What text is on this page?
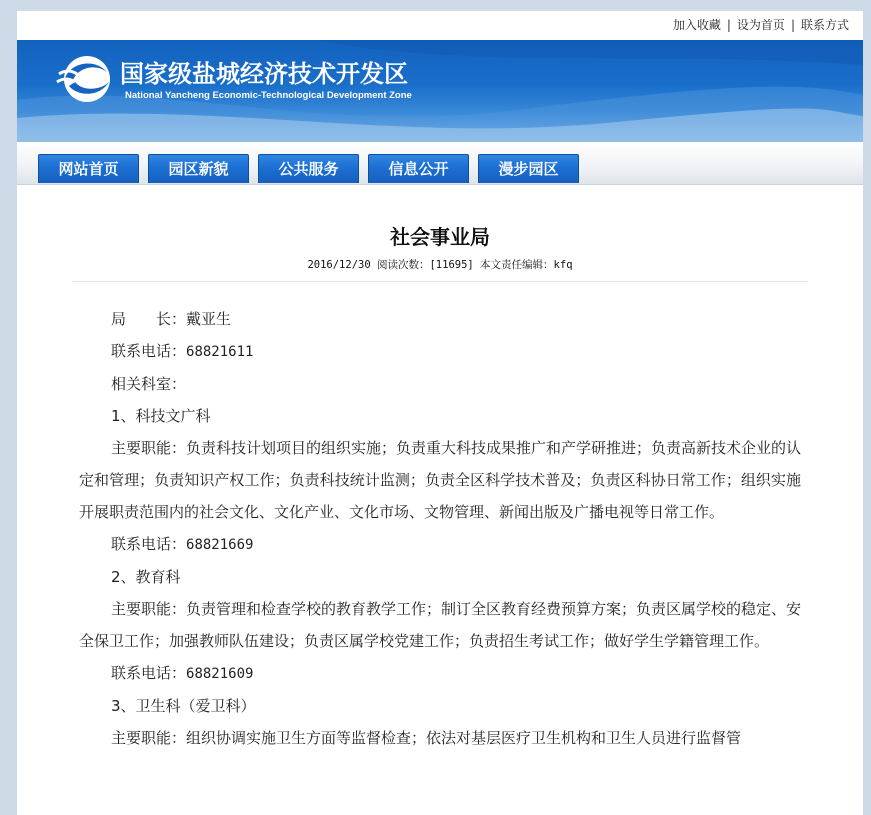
加入收藏 | 设为首页 | 联系方式
国家级盐城经济技术开发区
National Yancheng Economic-Technological Development Zone
网站首页	园区新貌	公共服务	信息公开	漫步园区
社会事业局
2016/12/30 阅读次数：[11695] 本文责任编辑：kfq

局　　长：戴亚生

联系电话：68821611

相关科室：

1、科技文广科

主要职能：负责科技计划项目的组织实施；负责重大科技成果推广和产学研推进；负责高新技术企业的认定和管理；负责知识产权工作；负责科技统计监测；负责全区科学技术普及；负责区科协日常工作；组织实施开展职责范围内的社会文化、文化产业、文化市场、文物管理、新闻出版及广播电视等日常工作。

联系电话：68821669

2、教育科

主要职能：负责管理和检查学校的教育教学工作；制订全区教育经费预算方案；负责区属学校的稳定、安全保卫工作；加强教师队伍建设；负责区属学校党建工作；负责招生考试工作；做好学生学籍管理工作。

联系电话：68821609

3、卫生科（爱卫科）

主要职能：组织协调实施卫生方面等监督检查；依法对基层医疗卫生机构和卫生人员进行监督管
